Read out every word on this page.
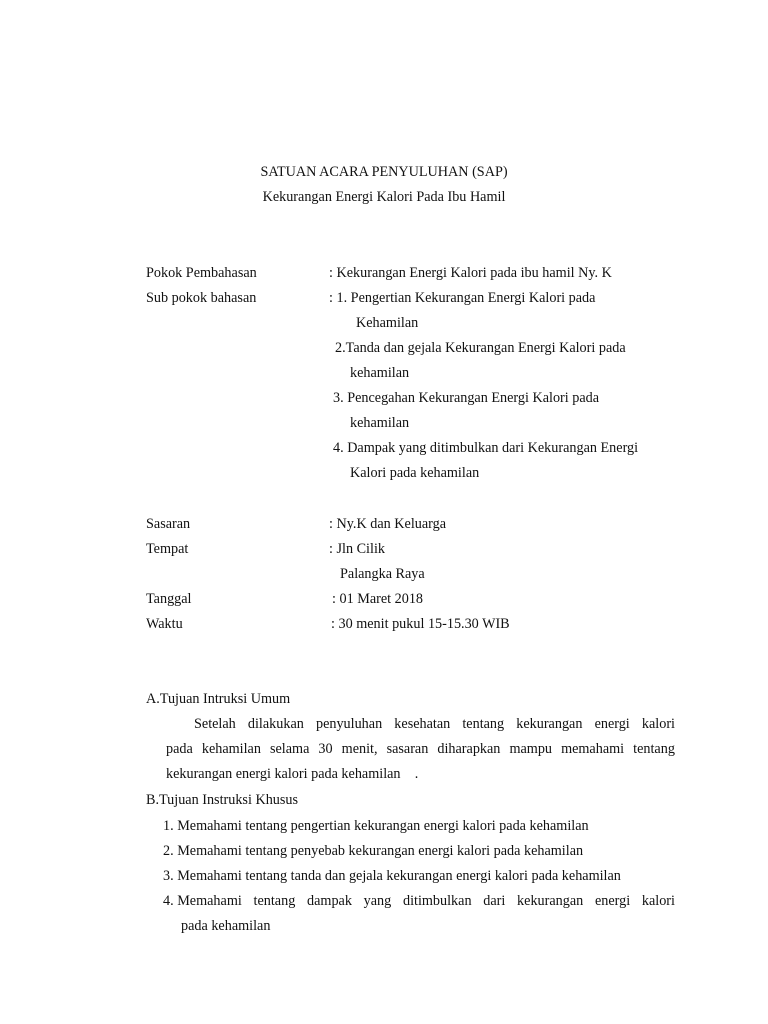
SATUAN ACARA PENYULUHAN (SAP)
Kekurangan Energi Kalori Pada Ibu Hamil
Pokok Pembahasan	: Kekurangan Energi Kalori pada ibu hamil Ny. K
Sub pokok bahasan	: 1. Pengertian Kekurangan Energi Kalori pada
Kehamilan
2.Tanda dan gejala Kekurangan Energi Kalori pada
kehamilan
3. Pencegahan Kekurangan Energi Kalori pada
kehamilan
4. Dampak yang ditimbulkan dari Kekurangan Energi
Kalori pada kehamilan
Sasaran	: Ny.K dan Keluarga
Tempat	: Jln Cilik
Palangka Raya
Tanggal	: 01 Maret 2018
Waktu	: 30 menit pukul 15-15.30 WIB
A.Tujuan Intruksi Umum
Setelah dilakukan penyuluhan kesehatan tentang kekurangan energi kalori
pada kehamilan selama 30 menit, sasaran diharapkan mampu memahami tentang
kekurangan energi kalori pada kehamilan    .
B.Tujuan Instruksi Khusus
1. Memahami tentang pengertian kekurangan energi kalori pada kehamilan
2. Memahami tentang penyebab kekurangan energi kalori pada kehamilan
3. Memahami tentang tanda dan gejala kekurangan energi kalori pada kehamilan
4. Memahami tentang dampak yang ditimbulkan dari kekurangan energi kalori
pada kehamilan
